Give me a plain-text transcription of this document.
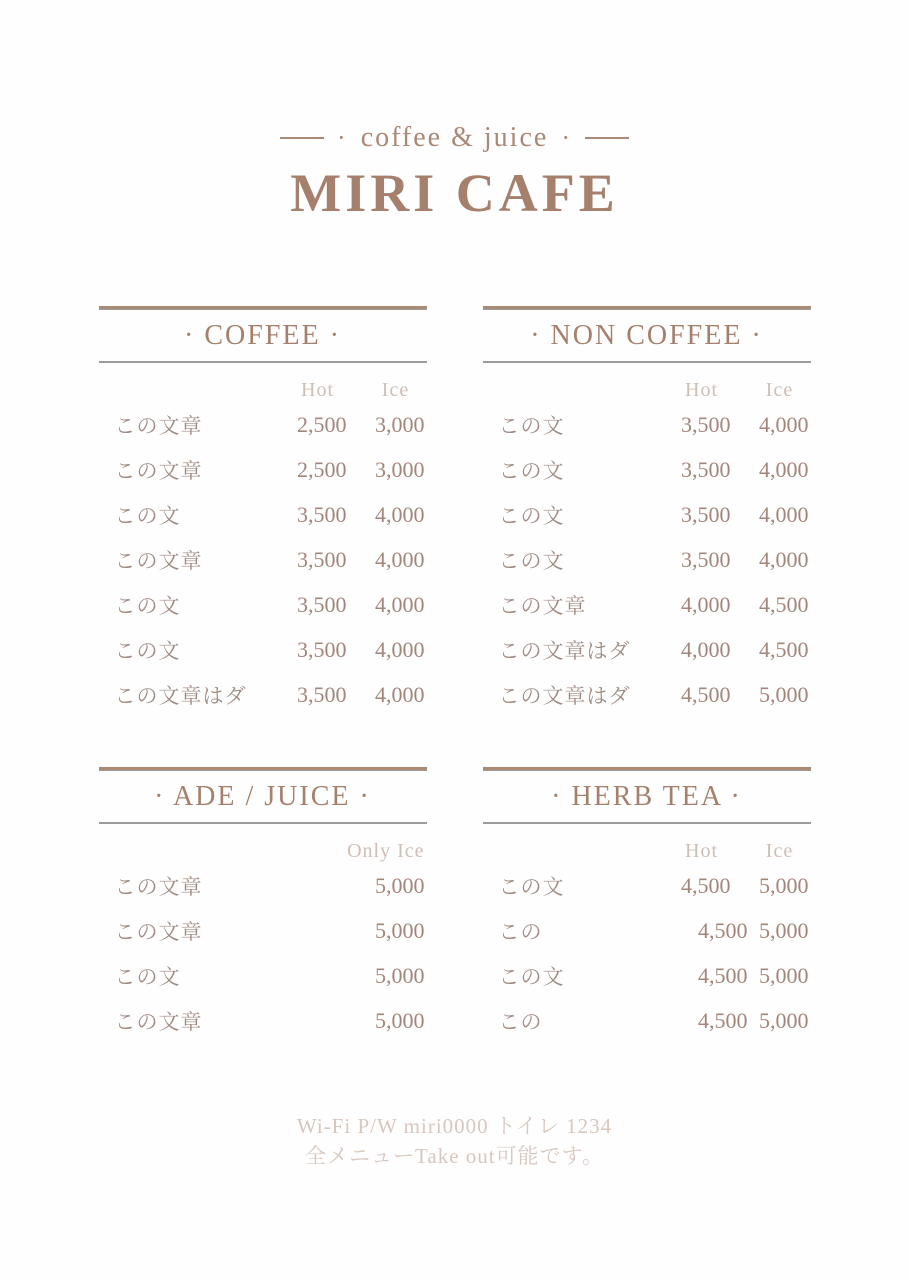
· coffee & juice ·
MIRI CAFE
· COFFEE ·
Hot	Ice
この文章	2,500	3,000
この文章	2,500	3,000
この文	3,500	4,000
この文章	3,500	4,000
この文	3,500	4,000
この文	3,500	4,000
この文章はダ	3,500	4,000
· NON COFFEE ·
Hot	Ice
この文	3,500	4,000
この文	3,500	4,000
この文	3,500	4,000
この文	3,500	4,000
この文章	4,000	4,500
この文章はダ	4,000	4,500
この文章はダ	4,500	5,000
· ADE / JUICE ·
Only Ice
この文章	5,000
この文章	5,000
この文	5,000
この文章	5,000
· HERB TEA ·
Hot	Ice
この文	4,500	5,000
この	4,500 5,000
この文	4,500 5,000
この	4,500 5,000

Wi-Fi P/W miri0000 トイレ 1234

全メニューTake out可能です。
